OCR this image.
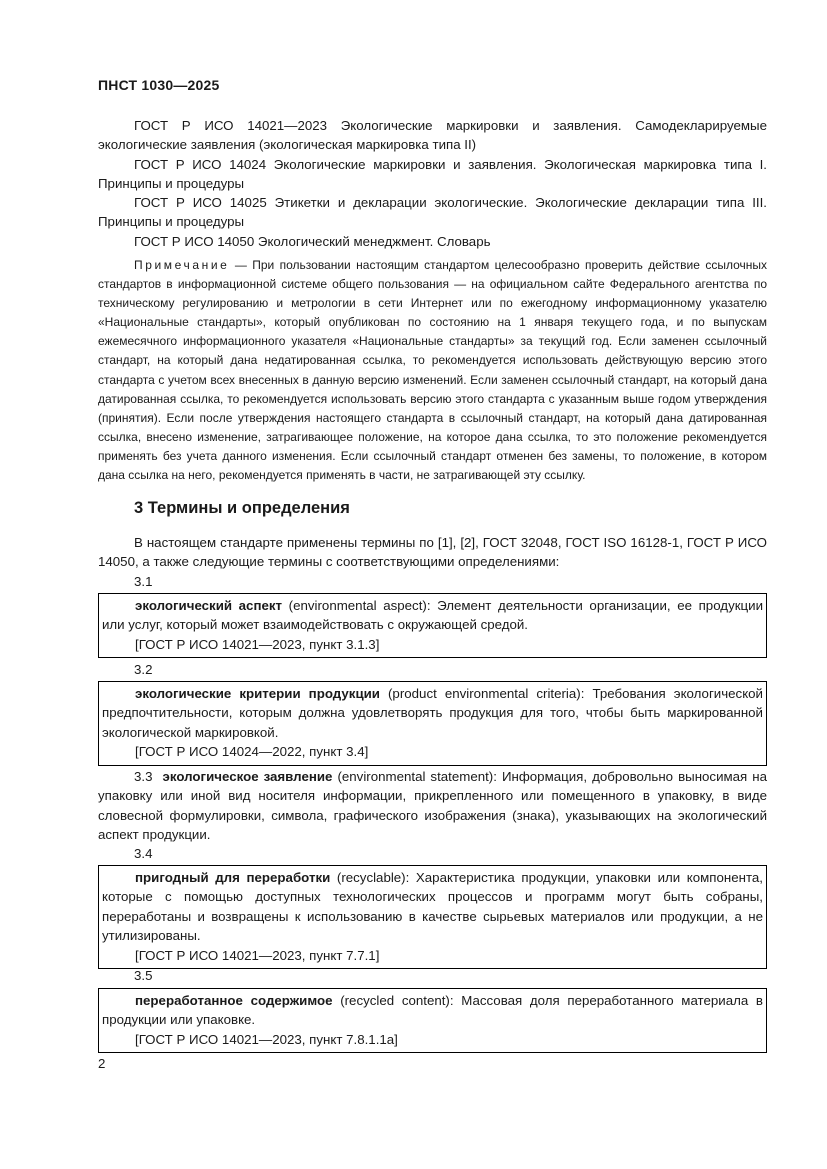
ПНСТ 1030—2025
ГОСТ Р ИСО 14021—2023 Экологические маркировки и заявления. Самодекларируемые экологические заявления (экологическая маркировка типа II)
ГОСТ Р ИСО 14024 Экологические маркировки и заявления. Экологическая маркировка типа I. Принципы и процедуры
ГОСТ Р ИСО 14025 Этикетки и декларации экологические. Экологические декларации типа III. Принципы и процедуры
ГОСТ Р ИСО 14050 Экологический менеджмент. Словарь
Примечание — При пользовании настоящим стандартом целесообразно проверить действие ссылочных стандартов в информационной системе общего пользования — на официальном сайте Федерального агентства по техническому регулированию и метрологии в сети Интернет или по ежегодному информационному указателю «Национальные стандарты», который опубликован по состоянию на 1 января текущего года, и по выпускам ежемесячного информационного указателя «Национальные стандарты» за текущий год. Если заменен ссылочный стандарт, на который дана недатированная ссылка, то рекомендуется использовать действующую версию этого стандарта с учетом всех внесенных в данную версию изменений. Если заменен ссылочный стандарт, на который дана датированная ссылка, то рекомендуется использовать версию этого стандарта с указанным выше годом утверждения (принятия). Если после утверждения настоящего стандарта в ссылочный стандарт, на который дана датированная ссылка, внесено изменение, затрагивающее положение, на которое дана ссылка, то это положение рекомендуется применять без учета данного изменения. Если ссылочный стандарт отменен без замены, то положение, в котором дана ссылка на него, рекомендуется применять в части, не затрагивающей эту ссылку.
3 Термины и определения
В настоящем стандарте применены термины по [1], [2], ГОСТ 32048, ГОСТ ISO 16128-1, ГОСТ Р ИСО 14050, а также следующие термины с соответствующими определениями:
3.1
экологический аспект (environmental aspect): Элемент деятельности организации, ее продукции или услуг, который может взаимодействовать с окружающей средой.
[ГОСТ Р ИСО 14021—2023, пункт 3.1.3]
3.2
экологические критерии продукции (product environmental criteria): Требования экологической предпочтительности, которым должна удовлетворять продукция для того, чтобы быть маркированной экологической маркировкой.
[ГОСТ Р ИСО 14024—2022, пункт 3.4]
3.3 экологическое заявление (environmental statement): Информация, добровольно выносимая на упаковку или иной вид носителя информации, прикрепленного или помещенного в упаковку, в виде словесной формулировки, символа, графического изображения (знака), указывающих на экологический аспект продукции.
3.4
пригодный для переработки (recyclable): Характеристика продукции, упаковки или компонента, которые с помощью доступных технологических процессов и программ могут быть собраны, переработаны и возвращены к использованию в качестве сырьевых материалов или продукции, а не утилизированы.
[ГОСТ Р ИСО 14021—2023, пункт 7.7.1]
3.5
переработанное содержимое (recycled content): Массовая доля переработанного материала в продукции или упаковке.
[ГОСТ Р ИСО 14021—2023, пункт 7.8.1.1a]
2
